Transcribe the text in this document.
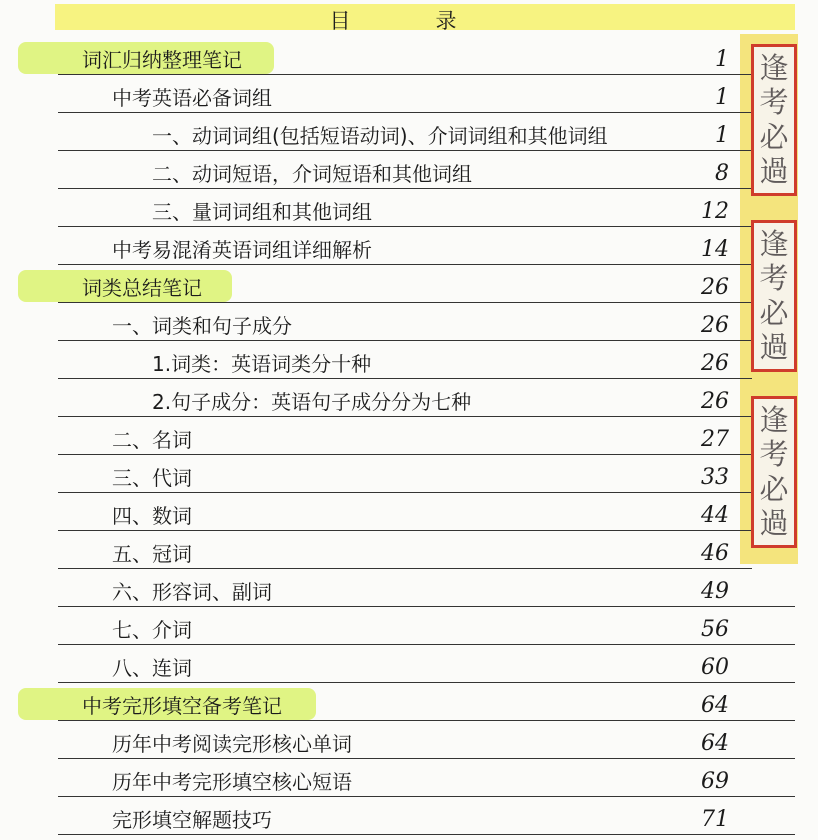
目　录
词汇归纳整理笔记	1
中考英语必备词组	1
一、动词词组(包括短语动词)、介词词组和其他词组	1
二、动词短语，介词短语和其他词组	8
三、量词词组和其他词组	12
中考易混淆英语词组详细解析	14
词类总结笔记	26
一、词类和句子成分	26
1.词类：英语词类分十种	26
2.句子成分：英语句子成分分为七种	26
二、名词	27
三、代词	33
四、数词	44
五、冠词	46
六、形容词、副词	49
七、介词	56
八、连词	60
中考完形填空备考笔记	64
历年中考阅读完形核心单词	64
历年中考完形填空核心短语	69
完形填空解题技巧	71
逢
考
必
過
逢
考
必
過
逢
考
必
過
